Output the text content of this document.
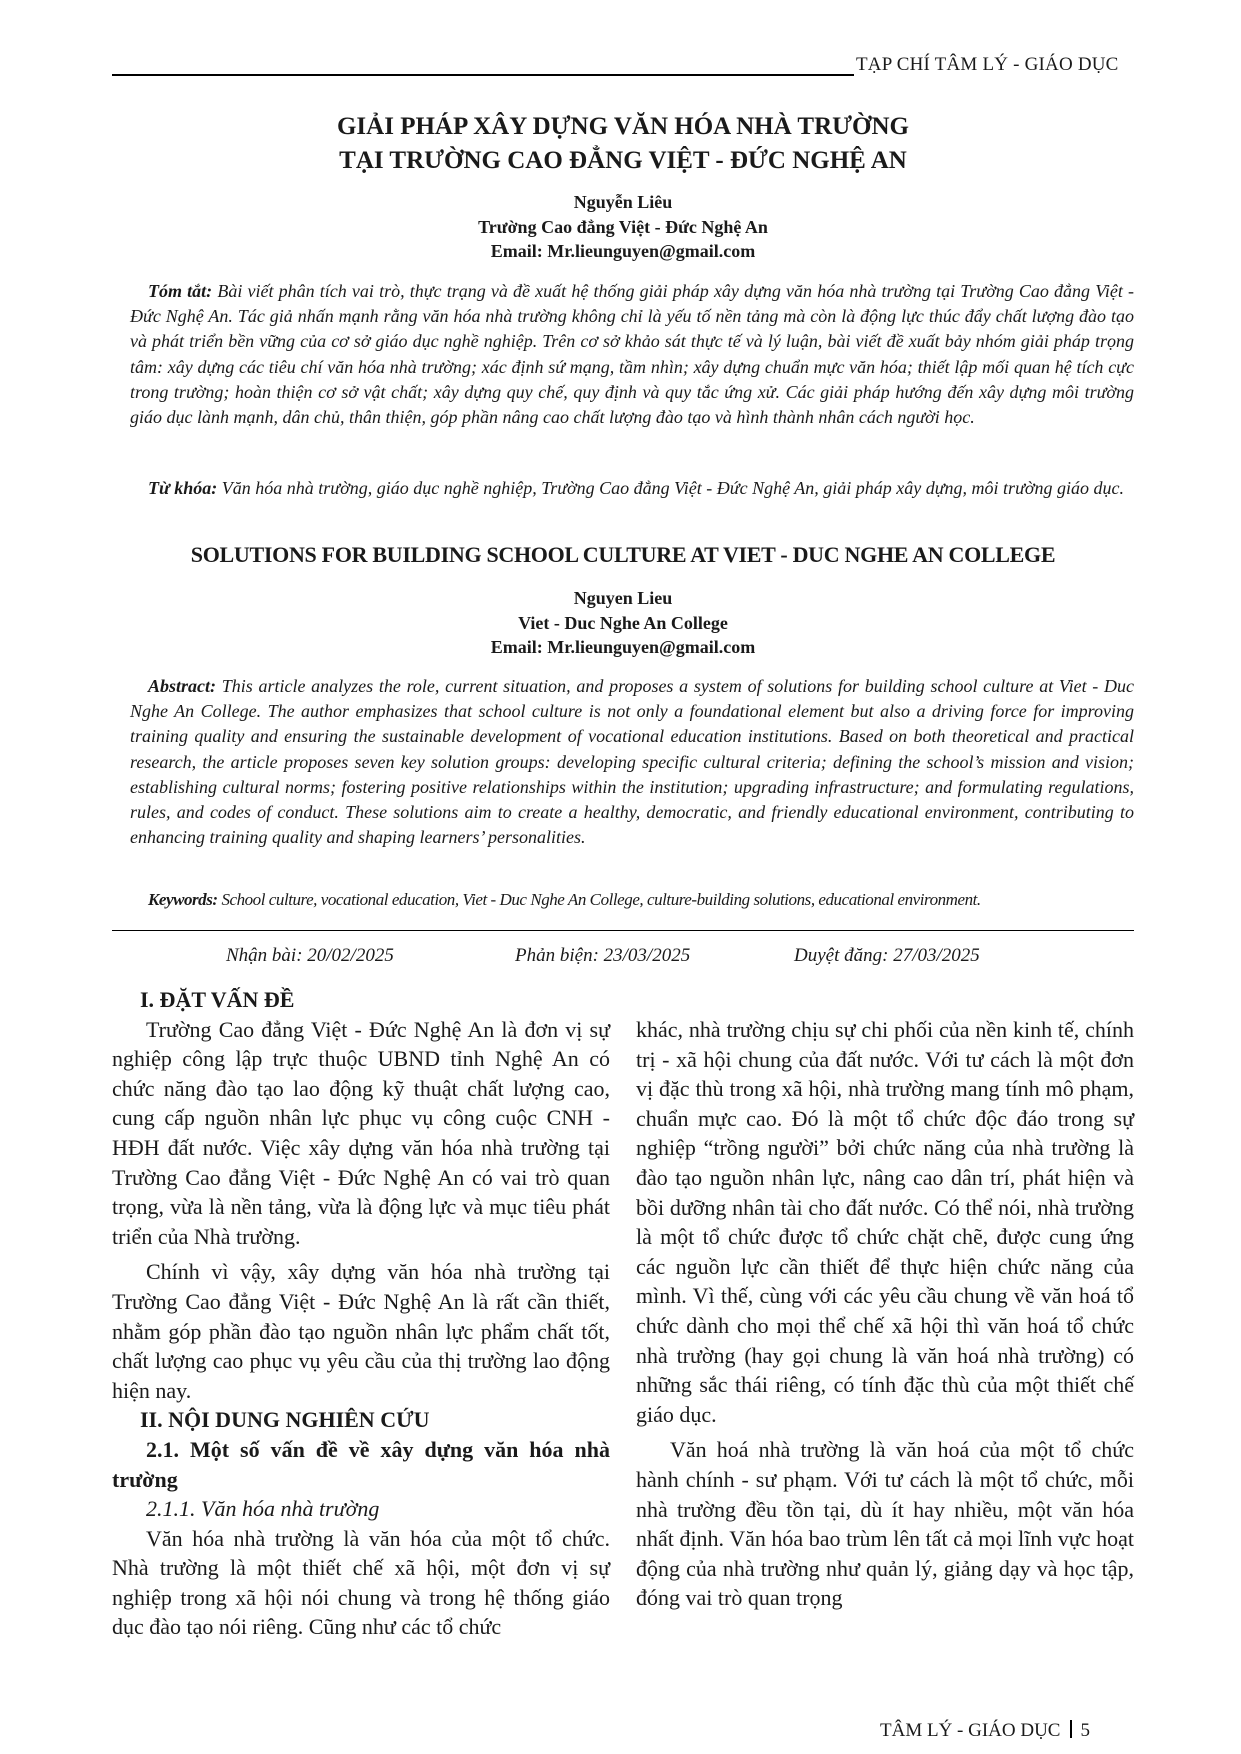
TẠP CHÍ TÂM LÝ - GIÁO DỤC
GIẢI PHÁP XÂY DỰNG VĂN HÓA NHÀ TRƯỜNG
TẠI TRƯỜNG CAO ĐẲNG VIỆT - ĐỨC NGHỆ AN
Nguyễn Liêu
Trường Cao đẳng Việt - Đức Nghệ An
Email: Mr.lieunguyen@gmail.com
Tóm tắt: Bài viết phân tích vai trò, thực trạng và đề xuất hệ thống giải pháp xây dựng văn hóa nhà trường tại Trường Cao đẳng Việt - Đức Nghệ An. Tác giả nhấn mạnh rằng văn hóa nhà trường không chỉ là yếu tố nền tảng mà còn là động lực thúc đẩy chất lượng đào tạo và phát triển bền vững của cơ sở giáo dục nghề nghiệp. Trên cơ sở khảo sát thực tế và lý luận, bài viết đề xuất bảy nhóm giải pháp trọng tâm: xây dựng các tiêu chí văn hóa nhà trường; xác định sứ mạng, tầm nhìn; xây dựng chuẩn mực văn hóa; thiết lập mối quan hệ tích cực trong trường; hoàn thiện cơ sở vật chất; xây dựng quy chế, quy định và quy tắc ứng xử. Các giải pháp hướng đến xây dựng môi trường giáo dục lành mạnh, dân chủ, thân thiện, góp phần nâng cao chất lượng đào tạo và hình thành nhân cách người học.
Từ khóa: Văn hóa nhà trường, giáo dục nghề nghiệp, Trường Cao đẳng Việt - Đức Nghệ An, giải pháp xây dựng, môi trường giáo dục.
SOLUTIONS FOR BUILDING SCHOOL CULTURE AT VIET - DUC NGHE AN COLLEGE
Nguyen Lieu
Viet - Duc Nghe An College
Email: Mr.lieunguyen@gmail.com
Abstract: This article analyzes the role, current situation, and proposes a system of solutions for building school culture at Viet - Duc Nghe An College. The author emphasizes that school culture is not only a foundational element but also a driving force for improving training quality and ensuring the sustainable development of vocational education institutions. Based on both theoretical and practical research, the article proposes seven key solution groups: developing specific cultural criteria; defining the school’s mission and vision; establishing cultural norms; fostering positive relationships within the institution; upgrading infrastructure; and formulating regulations, rules, and codes of conduct. These solutions aim to create a healthy, democratic, and friendly educational environment, contributing to enhancing training quality and shaping learners’ personalities.
Keywords: School culture, vocational education, Viet - Duc Nghe An College, culture-building solutions, educational environment.
Nhận bài: 20/02/2025	Phản biện: 23/03/2025	Duyệt đăng: 27/03/2025

I. ĐẶT VẤN ĐỀ

Trường Cao đẳng Việt - Đức Nghệ An là đơn vị sự nghiệp công lập trực thuộc UBND tỉnh Nghệ An có chức năng đào tạo lao động kỹ thuật chất lượng cao, cung cấp nguồn nhân lực phục vụ công cuộc CNH - HĐH đất nước. Việc xây dựng văn hóa nhà trường tại Trường Cao đẳng Việt - Đức Nghệ An có vai trò quan trọng, vừa là nền tảng, vừa là động lực và mục tiêu phát triển của Nhà trường.

Chính vì vậy, xây dựng văn hóa nhà trường tại Trường Cao đẳng Việt - Đức Nghệ An là rất cần thiết, nhằm góp phần đào tạo nguồn nhân lực phẩm chất tốt, chất lượng cao phục vụ yêu cầu của thị trường lao động hiện nay.

II. NỘI DUNG NGHIÊN CỨU

2.1. Một số vấn đề về xây dựng văn hóa nhà trường

2.1.1. Văn hóa nhà trường

Văn hóa nhà trường là văn hóa của một tổ chức. Nhà trường là một thiết chế xã hội, một đơn vị sự nghiệp trong xã hội nói chung và trong hệ thống giáo dục đào tạo nói riêng. Cũng như các tổ chức

khác, nhà trường chịu sự chi phối của nền kinh tế, chính trị - xã hội chung của đất nước. Với tư cách là một đơn vị đặc thù trong xã hội, nhà trường mang tính mô phạm, chuẩn mực cao. Đó là một tổ chức độc đáo trong sự nghiệp “trồng người” bởi chức năng của nhà trường là đào tạo nguồn nhân lực, nâng cao dân trí, phát hiện và bồi dưỡng nhân tài cho đất nước. Có thể nói, nhà trường là một tổ chức được tổ chức chặt chẽ, được cung ứng các nguồn lực cần thiết để thực hiện chức năng của mình. Vì thế, cùng với các yêu cầu chung về văn hoá tổ chức dành cho mọi thể chế xã hội thì văn hoá tổ chức nhà trường (hay gọi chung là văn hoá nhà trường) có những sắc thái riêng, có tính đặc thù của một thiết chế giáo dục.

Văn hoá nhà trường là văn hoá của một tổ chức hành chính - sư phạm. Với tư cách là một tổ chức, mỗi nhà trường đều tồn tại, dù ít hay nhiều, một văn hóa nhất định. Văn hóa bao trùm lên tất cả mọi lĩnh vực hoạt động của nhà trường như quản lý, giảng dạy và học tập, đóng vai trò quan trọng

TÂM LÝ - GIÁO DỤC 5
